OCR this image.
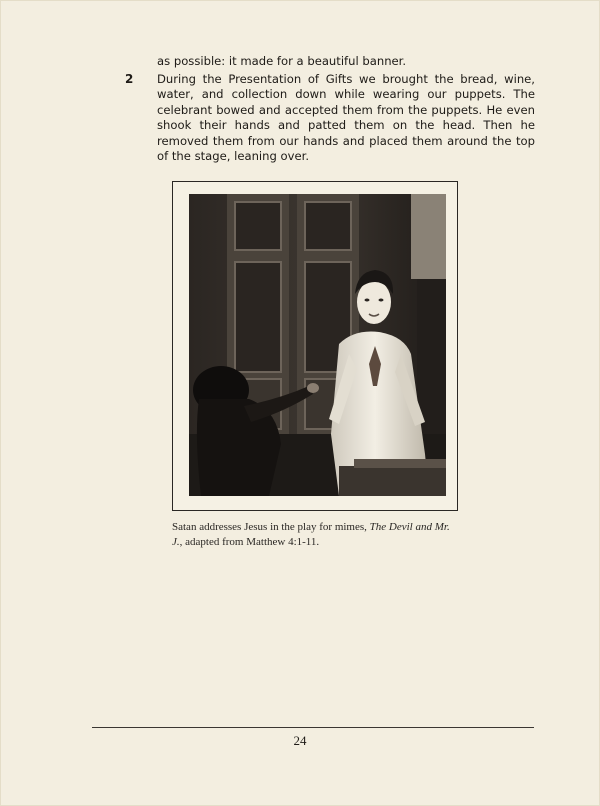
as possible: it made for a beautiful banner.

2 During the Presentation of Gifts we brought the bread, wine, water, and collection down while wearing our puppets. The celebrant bowed and accepted them from the puppets. He even shook their hands and patted them on the head. Then he removed them from our hands and placed them around the top of the stage, leaning over.

Satan addresses Jesus in the play for mimes, The Devil and Mr. J., adapted from Matthew 4:1-11.

24
